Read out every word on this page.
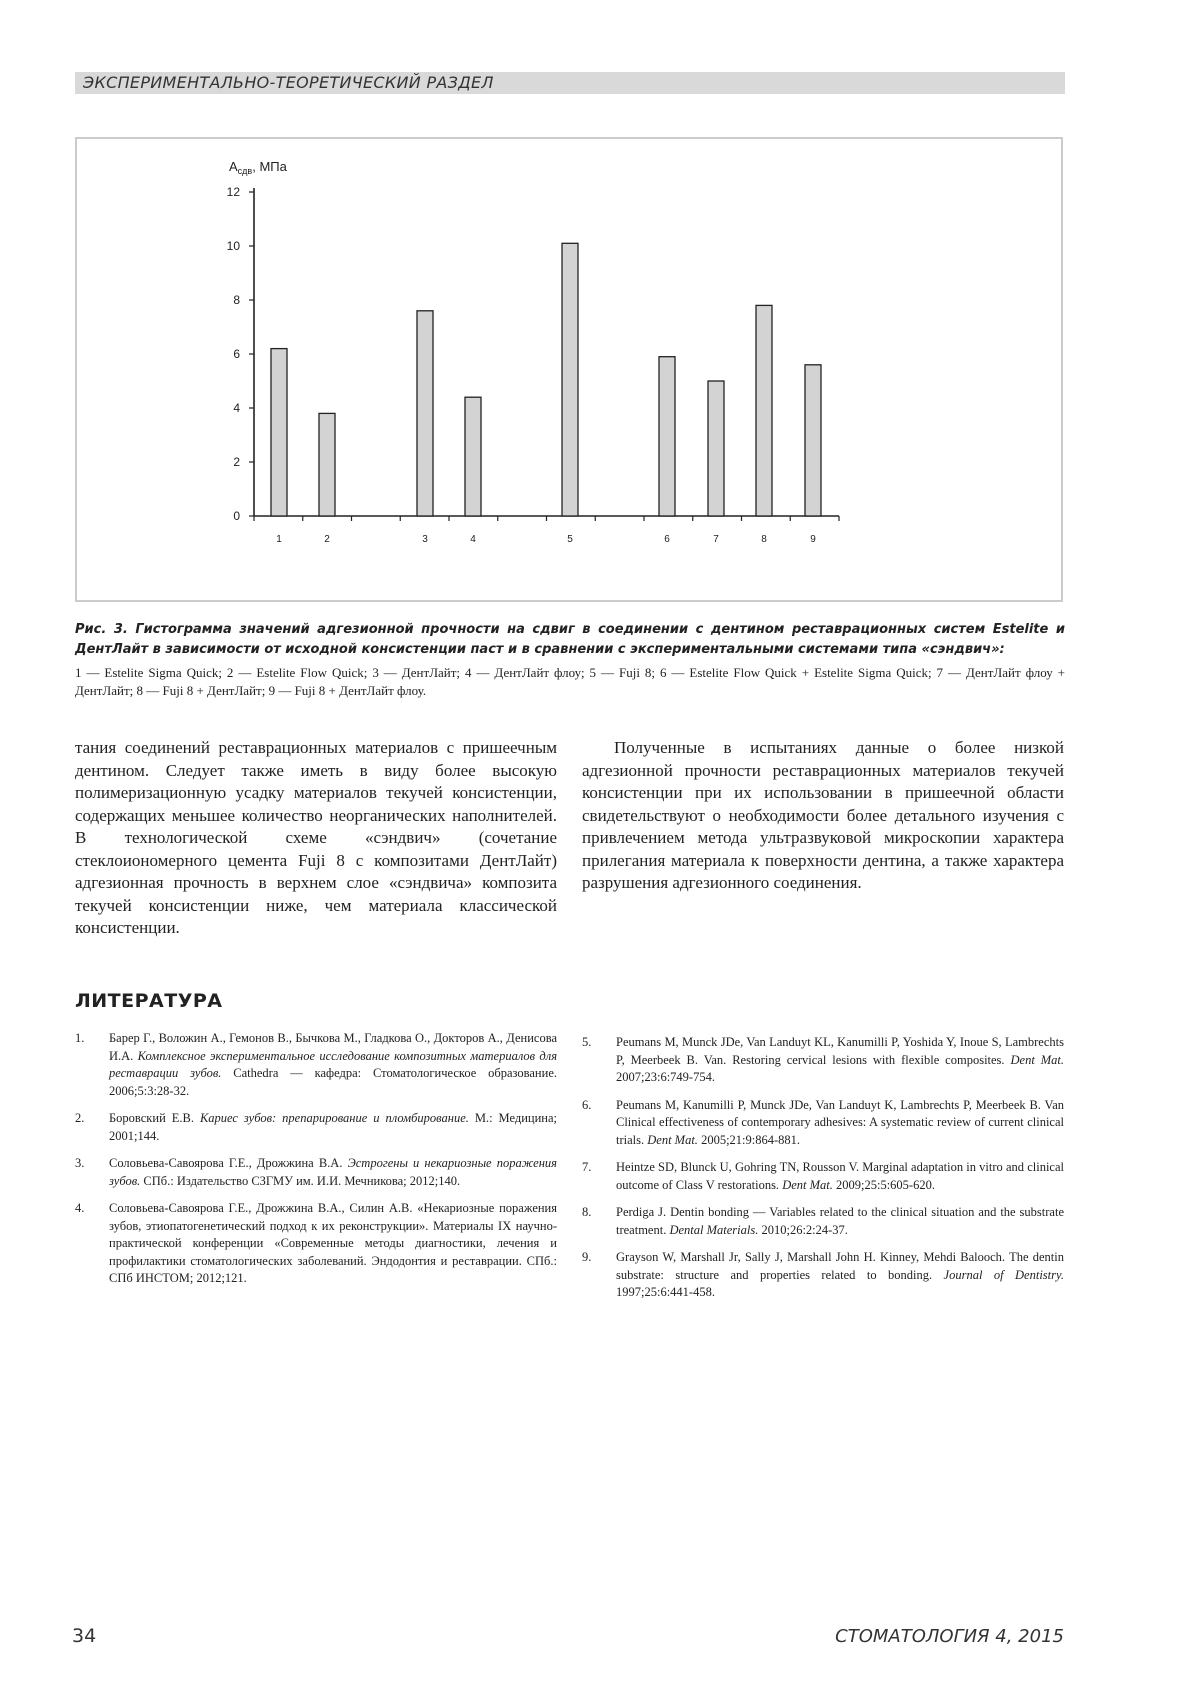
ЭКСПЕРИМЕНТАЛЬНО-ТЕОРЕТИЧЕСКИЙ РАЗДЕЛ
$A_{сдв}$, МПа
0
2
4
6
8
10
12
1	2	3	4	5	6	7	8	9
Рис. 3. Гистограмма значений адгезионной прочности на сдвиг в соединении с дентином реставрационных систем Estelite и ДентЛайт в зависимости от исходной консистенции паст и в сравнении с экспериментальными системами типа «сэндвич»:
1 — Estelite Sigma Quick; 2 — Estelite Flow Quick; 3 — ДентЛайт; 4 — ДентЛайт флоу; 5 — Fuji 8; 6 — Estelite Flow Quick + Estelite Sigma Quick; 7 — ДентЛайт флоу + ДентЛайт; 8 — Fuji 8 + ДентЛайт; 9 — Fuji 8 + ДентЛайт флоу.
тания соединений реставрационных материалов с пришеечным дентином. Следует также иметь в виду более высокую полимеризационную усадку материалов текучей консистенции, содержащих меньшее количество неорганических наполнителей. В технологической схеме «сэндвич» (сочетание стеклоиономерного цемента Fuji 8 с композитами ДентЛайт) адгезионная прочность в верхнем слое «сэндвича» композита текучей консистенции ниже, чем материала классической консистенции.
Полученные в испытаниях данные о более низкой адгезионной прочности реставрационных материалов текучей консистенции при их использовании в пришеечной области свидетельствуют о необходимости более детального изучения с привлечением метода ультразвуковой микроскопии характера прилегания материала к поверхности дентина, а также характера разрушения адгезионного соединения.
ЛИТЕРАТУРА
1. Барер Г., Воложин А., Гемонов В., Бычкова М., Гладкова О., Докторов А., Денисова И.А. Комплексное экспериментальное исследование композитных материалов для реставрации зубов. Cathedra — кафедра: Стоматологическое образование. 2006;5:3:28-32.
2. Боровский Е.В. Кариес зубов: препарирование и пломбирование. М.: Медицина; 2001;144.
3. Соловьева-Савоярова Г.Е., Дрожжина В.А. Эстрогены и некариозные поражения зубов. СПб.: Издательство СЗГМУ им. И.И. Мечникова; 2012;140.
4. Соловьева-Савоярова Г.Е., Дрожжина В.А., Силин А.В. «Некариозные поражения зубов, этиопатогенетический подход к их реконструкции». Материалы IX научно-практической конференции «Современные методы диагностики, лечения и профилактики стоматологических заболеваний. Эндодонтия и реставрации. СПб.: СПб ИНСТОМ; 2012;121.
5. Peumans M, Munck JDe, Van Landuyt KL, Kanumilli P, Yoshida Y, Inoue S, Lambrechts P, Meerbeek B. Van. Restoring cervical lesions with flexible composites. Dent Mat. 2007;23:6:749-754.
6. Peumans M, Kanumilli P, Munck JDe, Van Landuyt K, Lambrechts P, Meerbeek B. Van Clinical effectiveness of contemporary adhesives: A systematic review of current clinical trials. Dent Mat. 2005;21:9:864-881.
7. Heintze SD, Blunck U, Gohring TN, Rousson V. Marginal adaptation in vitro and clinical outcome of Class V restorations. Dent Mat. 2009;25:5:605-620.
8. Perdiga J. Dentin bonding — Variables related to the clinical situation and the substrate treatment. Dental Materials. 2010;26:2:24-37.
9. Grayson W, Marshall Jr, Sally J, Marshall John H. Kinney, Mehdi Balooch. The dentin substrate: structure and properties related to bonding. Journal of Dentistry. 1997;25:6:441-458.
34	СТОМАТОЛОГИЯ 4, 2015
